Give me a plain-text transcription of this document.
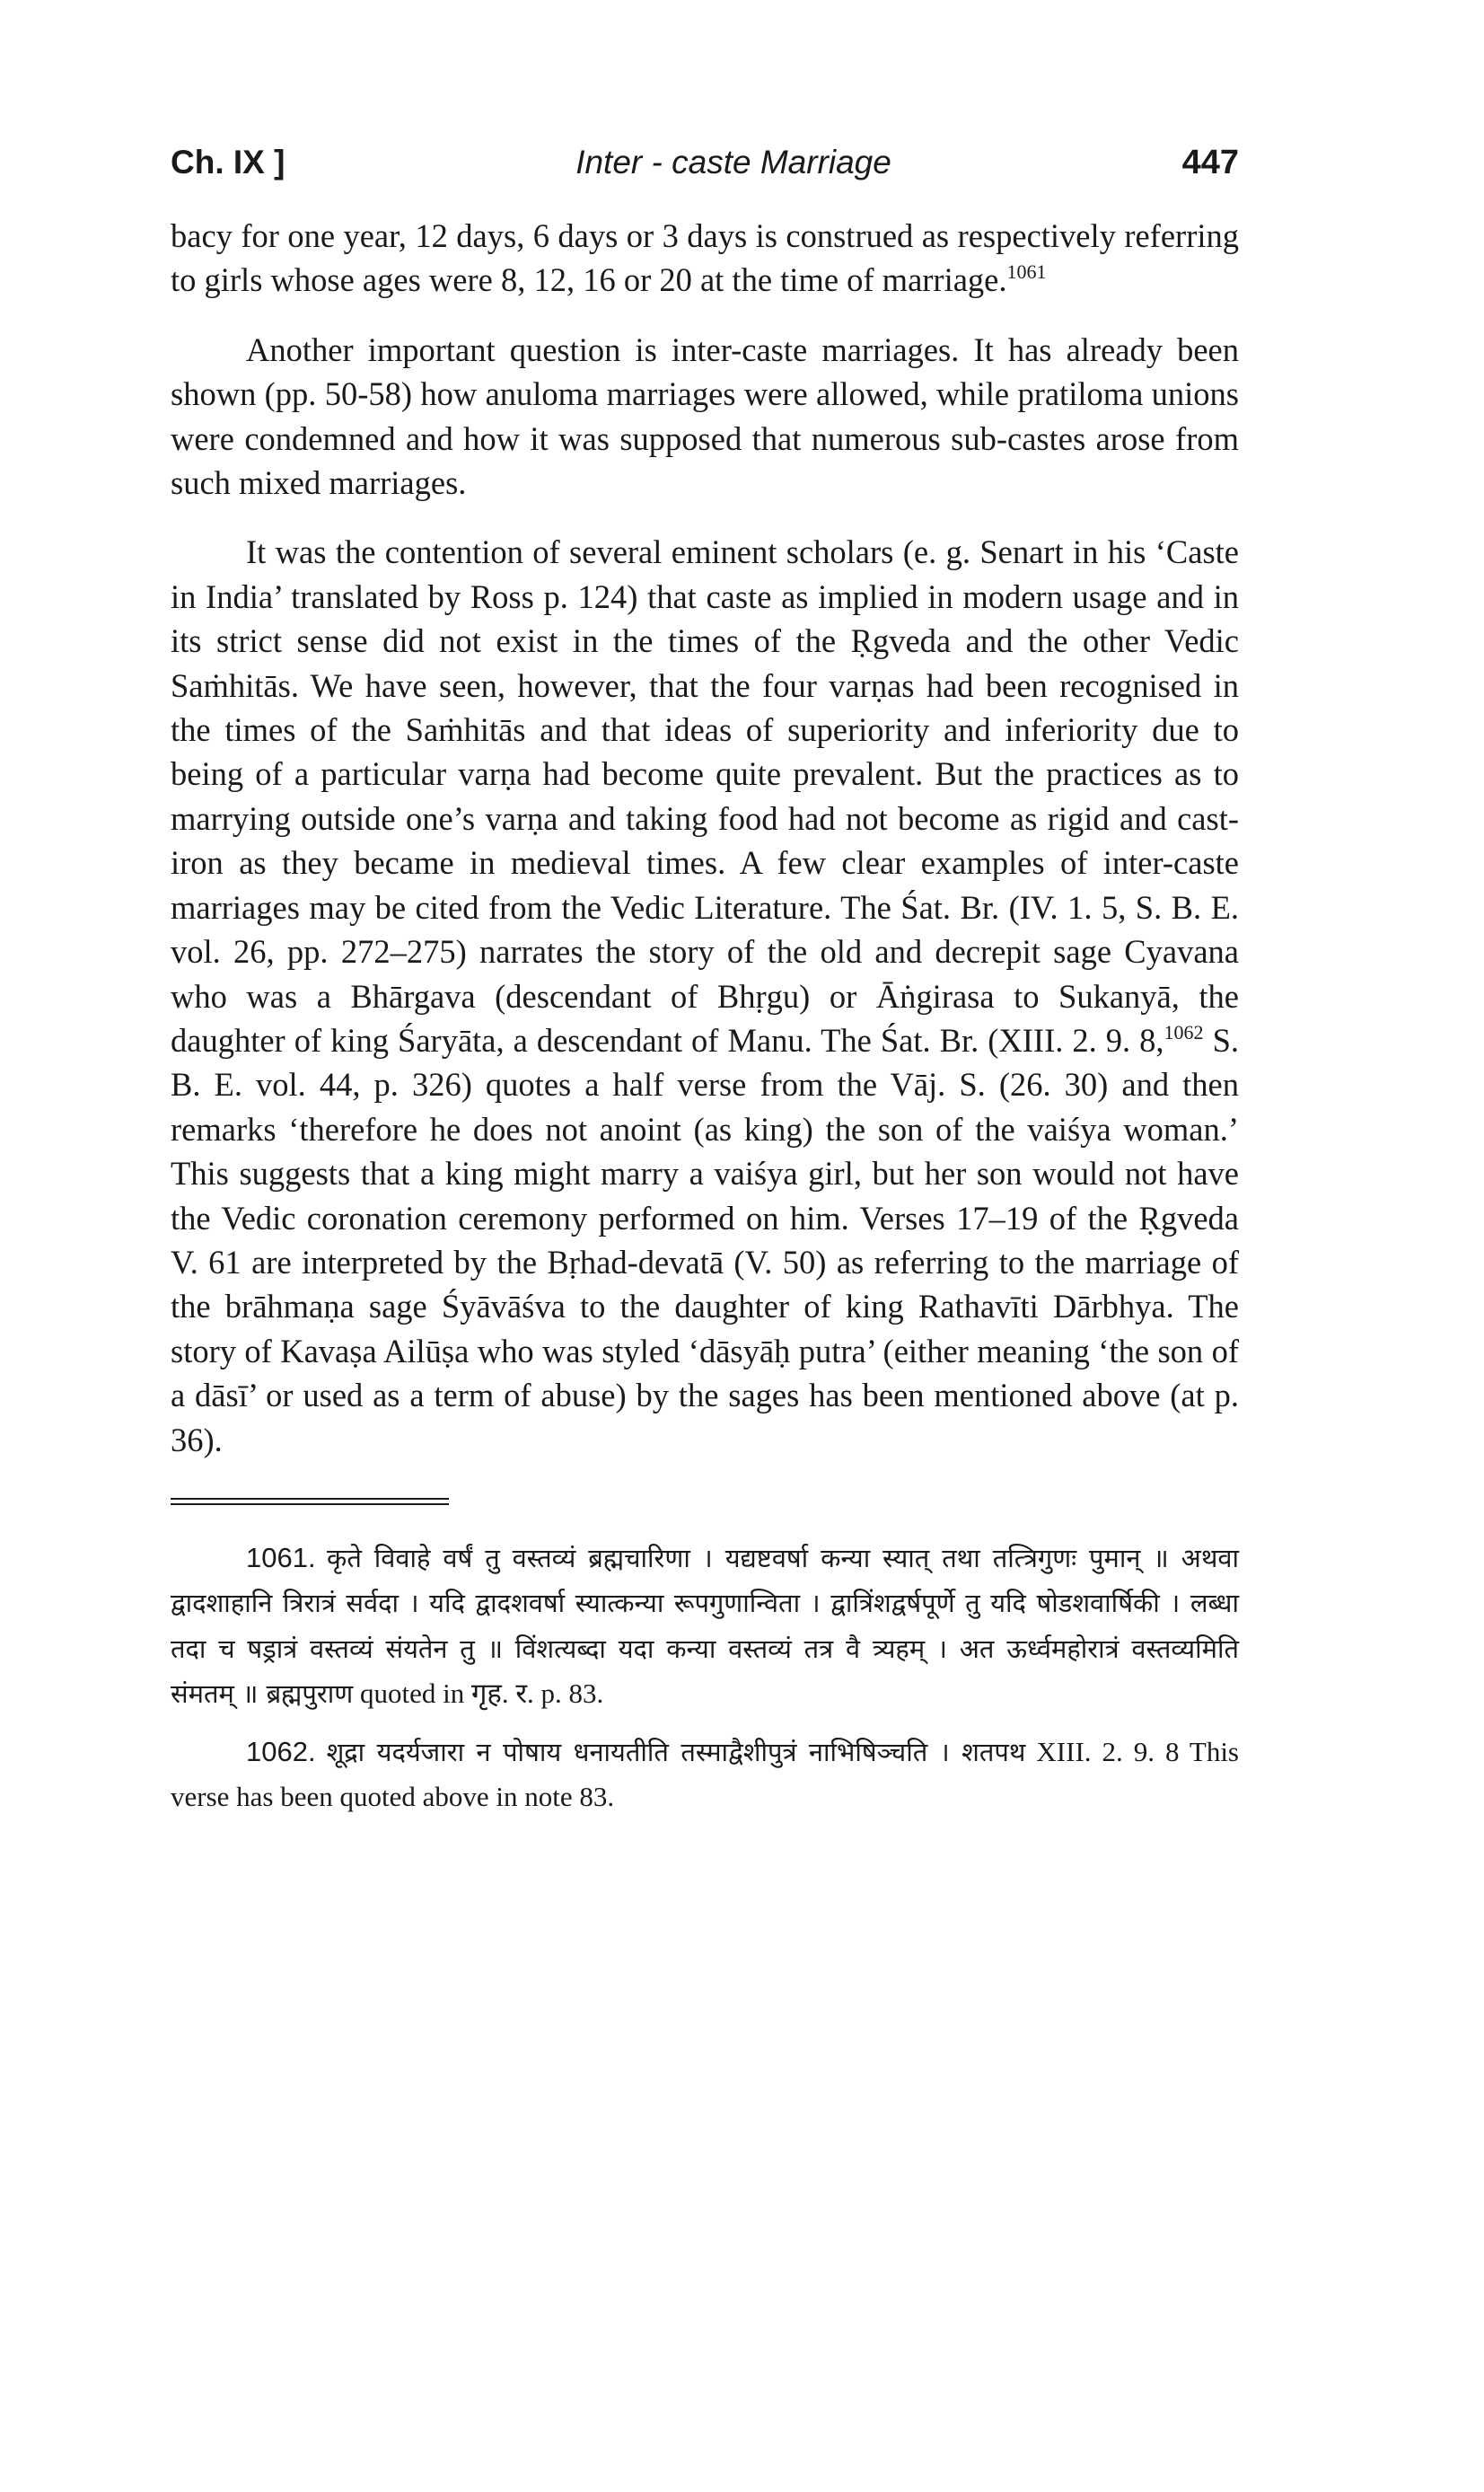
Ch. IX ]	Inter - caste Marriage	447

bacy for one year, 12 days, 6 days or 3 days is construed as respectively referring to girls whose ages were 8, 12, 16 or 20 at the time of marriage.$^{1061}$

Another important question is inter-caste marriages. It has already been shown (pp. 50-58) how anuloma marriages were allowed, while pratiloma unions were condemned and how it was supposed that numerous sub-castes arose from such mixed marriages.

It was the contention of several eminent scholars (e. g. Senart in his ‘Caste in India’ translated by Ross p. 124) that caste as implied in modern usage and in its strict sense did not exist in the times of the Ṛgveda and the other Vedic Saṁhitās. We have seen, however, that the four varṇas had been recognised in the times of the Saṁhitās and that ideas of superiority and inferiority due to being of a particular varṇa had become quite prevalent. But the practices as to marrying outside one’s varṇa and taking food had not become as rigid and cast-iron as they became in medieval times. A few clear examples of inter-caste marriages may be cited from the Vedic Literature. The Śat. Br. (IV. 1. 5, S. B. E. vol. 26, pp. 272–275) narrates the story of the old and decrepit sage Cyavana who was a Bhārgava (descendant of Bhṛgu) or Āṅgirasa to Sukanyā, the daughter of king Śaryāta, a descendant of Manu. The Śat. Br. (XIII. 2. 9. 8,$^{1062}$ S. B. E. vol. 44, p. 326) quotes a half verse from the Vāj. S. (26. 30) and then remarks ‘therefore he does not anoint (as king) the son of the vaiśya woman.’ This suggests that a king might marry a vaiśya girl, but her son would not have the Vedic coronation ceremony performed on him. Verses 17–19 of the Ṛgveda V. 61 are interpreted by the Bṛhad-devatā (V. 50) as referring to the marriage of the brāhmaṇa sage Śyāvāśva to the daughter of king Rathavīti Dārbhya. The story of Kavaṣa Ailūṣa who was styled ‘dāsyāḥ putra’ (either meaning ‘the son of a dāsī’ or used as a term of abuse) by the sages has been mentioned above (at p. 36).

1061. कृते विवाहे वर्षं तु वस्तव्यं ब्रह्मचारिणा । यद्यष्टवर्षा कन्या स्यात् तथा तत्त्रिगुणः पुमान् ॥ अथवा द्वादशाहानि त्रिरात्रं सर्वदा । यदि द्वादशवर्षा स्यात्कन्या रूपगुणान्विता । द्वात्रिंशद्वर्षपूर्णे तु यदि षोडशवार्षिकी । लब्धा तदा च षड्रात्रं वस्तव्यं संयतेन तु ॥ विंशत्यब्दा यदा कन्या वस्तव्यं तत्र वै त्र्यहम् । अत ऊर्ध्वमहोरात्रं वस्तव्यमिति संमतम् ॥ ब्रह्मपुराण quoted in गृह. र. p. 83.

1062. शूद्रा यदर्यजारा न पोषाय धनायतीति तस्माद्वैशीपुत्रं नाभिषिञ्चति । शतपथ XIII. 2. 9. 8 This verse has been quoted above in note 83.
